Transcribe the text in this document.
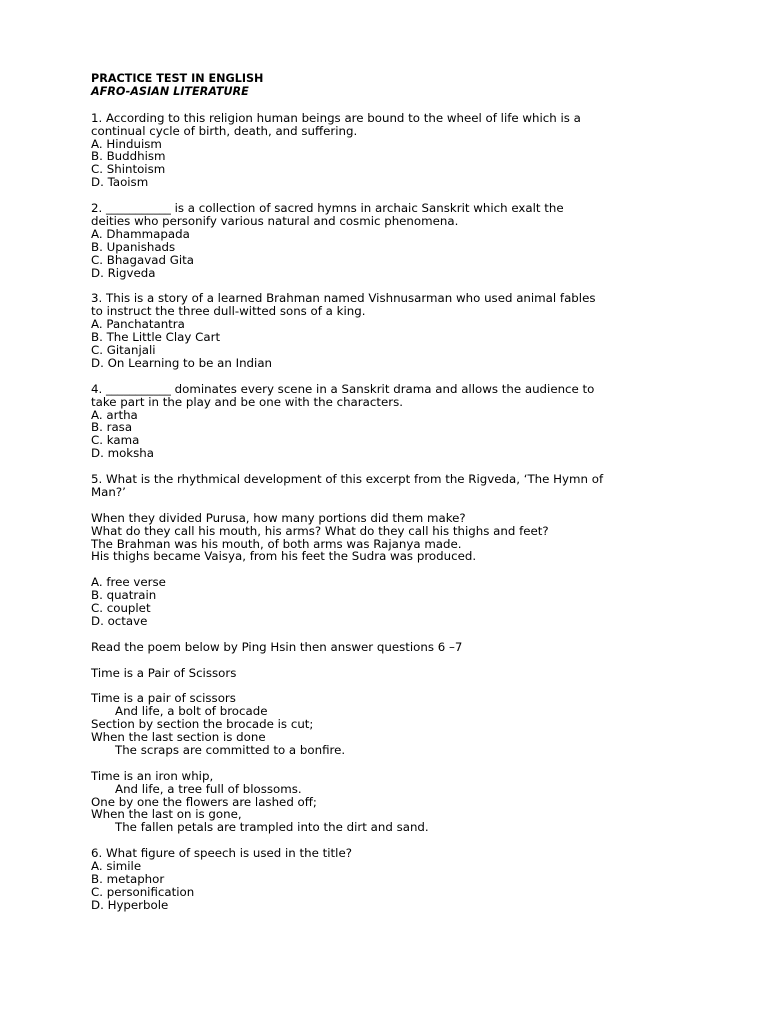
PRACTICE TEST IN ENGLISH
AFRO-ASIAN LITERATURE
1. According to this religion human beings are bound to the wheel of life which is a
continual cycle of birth, death, and suffering.
A. Hinduism
B. Buddhism
C. Shintoism
D. Taoism
2. ___________ is a collection of sacred hymns in archaic Sanskrit which exalt the
deities who personify various natural and cosmic phenomena.
A. Dhammapada
B. Upanishads
C. Bhagavad Gita
D. Rigveda
3. This is a story of a learned Brahman named Vishnusarman who used animal fables
to instruct the three dull-witted sons of a king.
A. Panchatantra
B. The Little Clay Cart
C. Gitanjali
D. On Learning to be an Indian
4. ___________ dominates every scene in a Sanskrit drama and allows the audience to
take part in the play and be one with the characters.
A. artha
B. rasa
C. kama
D. moksha
5. What is the rhythmical development of this excerpt from the Rigveda, ‘The Hymn of
Man?’
When they divided Purusa, how many portions did them make?
What do they call his mouth, his arms? What do they call his thighs and feet?
The Brahman was his mouth, of both arms was Rajanya made.
His thighs became Vaisya, from his feet the Sudra was produced.
A. free verse
B. quatrain
C. couplet
D. octave
Read the poem below by Ping Hsin then answer questions 6 –7
Time is a Pair of Scissors
Time is a pair of scissors
And life, a bolt of brocade
Section by section the brocade is cut;
When the last section is done
The scraps are committed to a bonfire.
Time is an iron whip,
And life, a tree full of blossoms.
One by one the flowers are lashed off;
When the last on is gone,
The fallen petals are trampled into the dirt and sand.
6. What figure of speech is used in the title?
A. simile
B. metaphor
C. personification
D. Hyperbole
